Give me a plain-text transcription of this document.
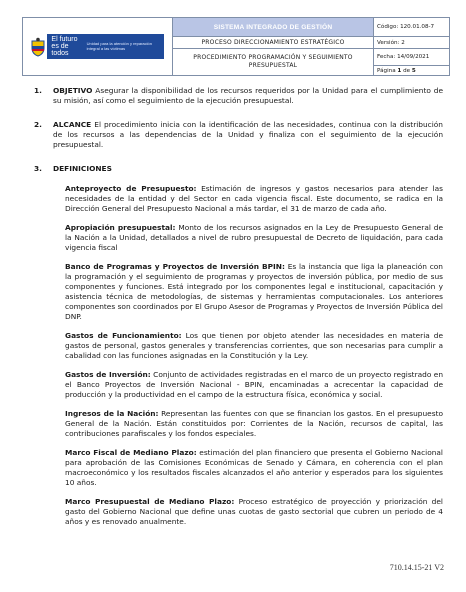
El futuro es de todos
Unidad para la atención y reparación integral a las víctimas
SISTEMA INTEGRADO DE GESTIÓN	Código: 120.01.08-7
PROCESO DIRECCIONAMIENTO ESTRATÉGICO	Versión: 2
PROCEDIMIENTO PROGRAMACIÓN Y SEGUIMIENTO PRESUPUESTAL
Fecha: 14/09/2021
Página
1
de
5
1. OBJETIVO Asegurar la disponibilidad de los recursos requeridos por la Unidad para el cumplimiento de su misión, así como el seguimiento de la ejecución presupuestal.
2. ALCANCE El procedimiento inicia con la identificación de las necesidades, continua con la distribución de los recursos a las dependencias de la Unidad y finaliza con el seguimiento de la ejecución presupuestal.
3. DEFINICIONES
Anteproyecto de Presupuesto: Estimación de ingresos y gastos necesarios para atender las necesidades de la entidad y del Sector en cada vigencia fiscal. Este documento, se radica en la Dirección General del Presupuesto Nacional a más tardar, el 31 de marzo de cada año.
Apropiación presupuestal: Monto de los recursos asignados en la Ley de Presupuesto General de la Nación a la Unidad, detallados a nivel de rubro presupuestal de Decreto de liquidación, para cada vigencia fiscal
Banco de Programas y Proyectos de Inversión BPIN: Es la instancia que liga la planeación con la programación y el seguimiento de programas y proyectos de inversión pública, por medio de sus componentes y funciones. Está integrado por los componentes legal e institucional, capacitación y asistencia técnica de metodologías, de sistemas y herramientas computacionales. Los anteriores componentes son coordinados por El Grupo Asesor de Programas y Proyectos de Inversión Pública del DNP.
Gastos de Funcionamiento: Los que tienen por objeto atender las necesidades en materia de gastos de personal, gastos generales y transferencias corrientes, que son necesarias para cumplir a cabalidad con las funciones asignadas en la Constitución y la Ley.
Gastos de Inversión: Conjunto de actividades registradas en el marco de un proyecto registrado en el Banco Proyectos de Inversión Nacional - BPIN, encaminadas a acrecentar la capacidad de producción y la productividad en el campo de la estructura física, económica y social.
Ingresos de la Nación: Representan las fuentes con que se financian los gastos. En el presupuesto General de la Nación. Están constituidos por: Corrientes de la Nación, recursos de capital, las contribuciones parafiscales y los fondos especiales.
Marco Fiscal de Mediano Plazo: estimación del plan financiero que presenta el Gobierno Nacional para aprobación de las Comisiones Económicas de Senado y Cámara, en coherencia con el plan macroeconómico y los resultados fiscales alcanzados el año anterior y esperados para los siguientes 10 años.
Marco Presupuestal de Mediano Plazo: Proceso estratégico de proyección y priorización del gasto del Gobierno Nacional que define unas cuotas de gasto sectorial que cubren un periodo de 4 años y es renovado anualmente.
710.14.15-21 V2
